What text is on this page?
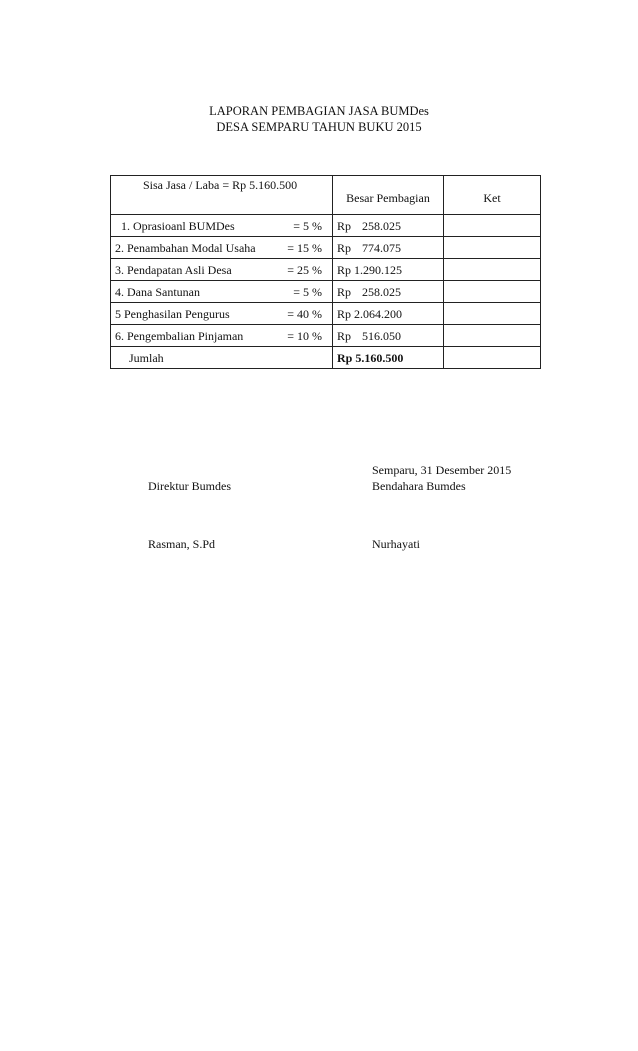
LAPORAN PEMBAGIAN JASA BUMDes
DESA SEMPARU TAHUN BUKU 2015
Sisa Jasa / Laba = Rp 5.160.500	Besar Pembagian	Ket

1. Oprasioanl BUMDes = 5 %	Rp 258.025	

2. Penambahan Modal Usaha = 15 %	Rp 774.075	

3. Pendapatan Asli Desa = 25 %	Rp 1.290.125	

4. Dana Santunan = 5 %	Rp 258.025	

5 Penghasilan Pengurus = 40 %	Rp 2.064.200	

6. Pengembalian Pinjaman = 10 %	Rp 516.050	
Jumlah	Rp 5.160.500	
Semparu, 31 Desember 2015
Direktur Bumdes	Bendahara Bumdes
Rasman, S.Pd	Nurhayati
